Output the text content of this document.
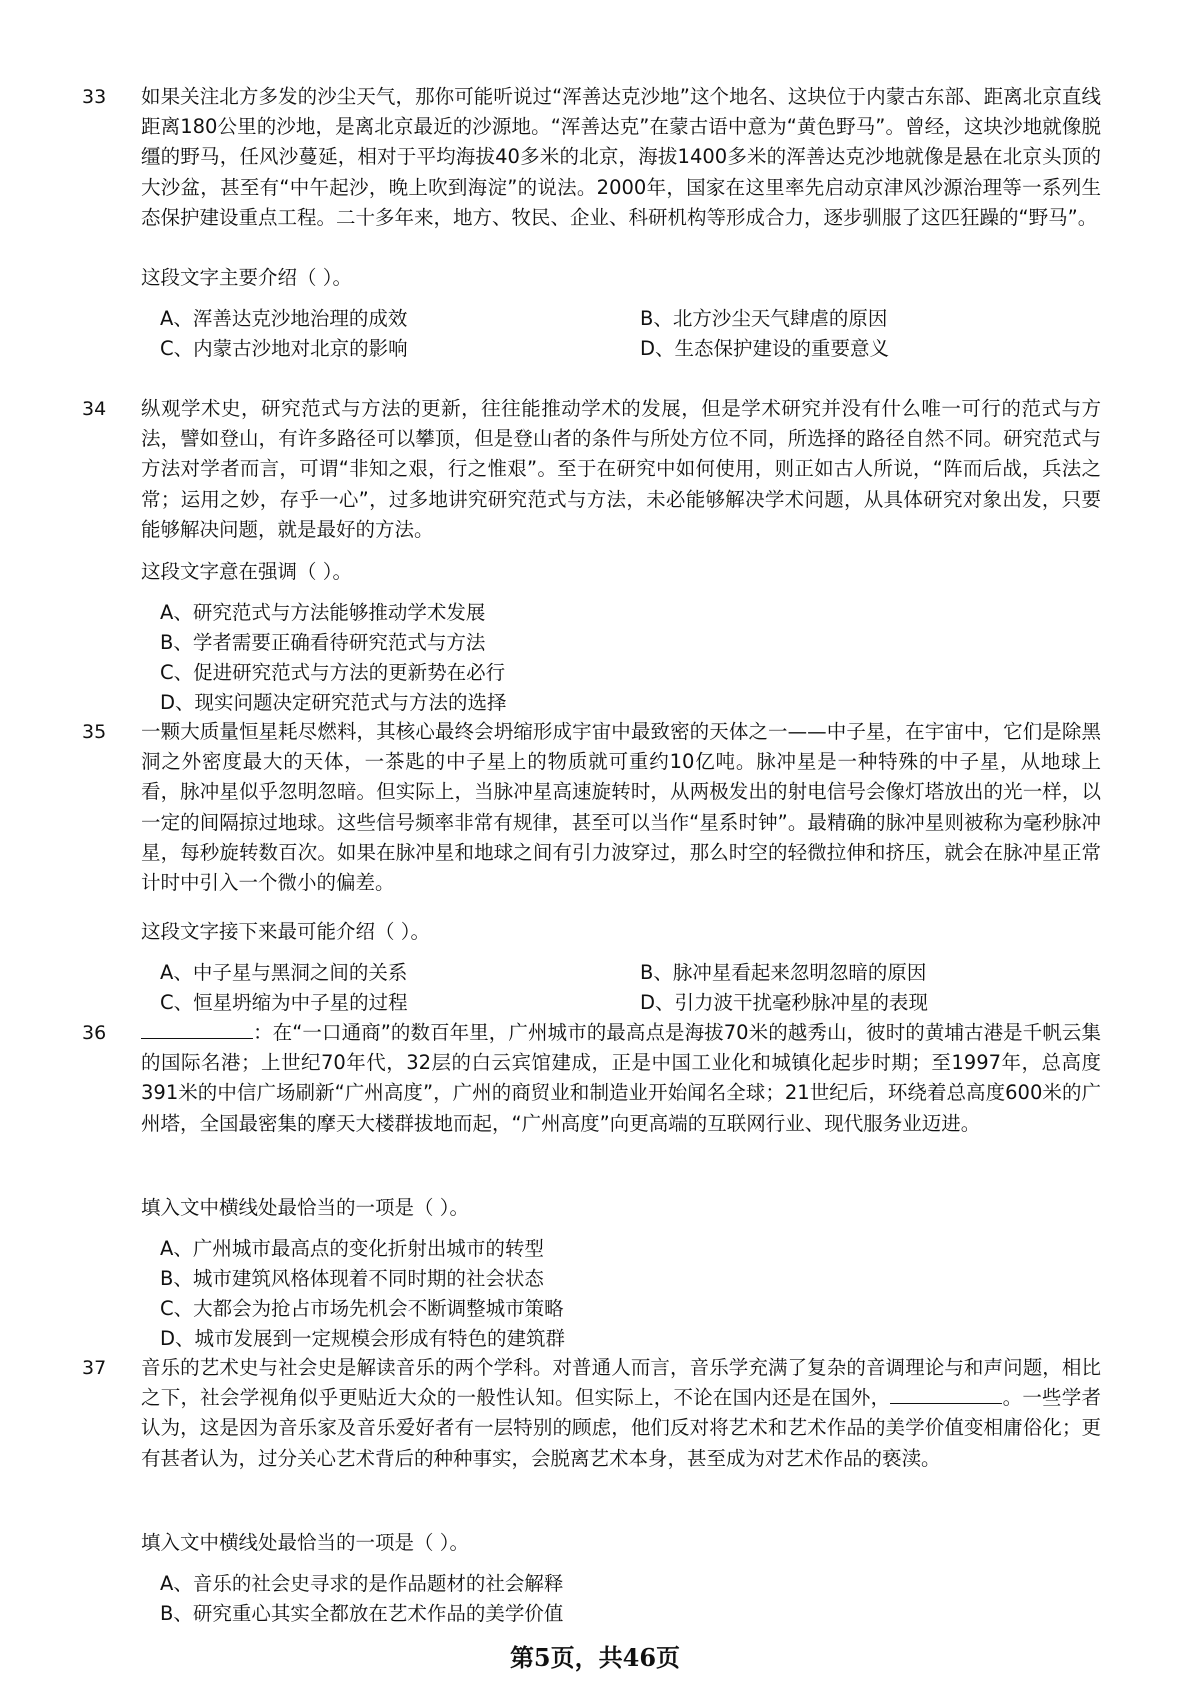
33 如果关注北方多发的沙尘天气，那你可能听说过“浑善达克沙地”这个地名、这块位于内蒙古东部、距离北京直线距离180公里的沙地，是离北京最近的沙源地。“浑善达克”在蒙古语中意为“黄色野马”。曾经，这块沙地就像脱缰的野马，任风沙蔓延，相对于平均海拔40多米的北京，海拔1400多米的浑善达克沙地就像是悬在北京头顶的大沙盆，甚至有“中午起沙，晚上吹到海淀”的说法。2000年，国家在这里率先启动京津风沙源治理等一系列生态保护建设重点工程。二十多年来，地方、牧民、企业、科研机构等形成合力，逐步驯服了这匹狂躁的“野马”。
这段文字主要介绍（ ）。
A、浑善达克沙地治理的成效	B、北方沙尘天气肆虐的原因
C、内蒙古沙地对北京的影响	D、生态保护建设的重要意义
34 纵观学术史，研究范式与方法的更新，往往能推动学术的发展，但是学术研究并没有什么唯一可行的范式与方法，譬如登山，有许多路径可以攀顶，但是登山者的条件与所处方位不同，所选择的路径自然不同。研究范式与方法对学者而言，可谓“非知之艰，行之惟艰”。至于在研究中如何使用，则正如古人所说，“阵而后战，兵法之常；运用之妙，存乎一心”，过多地讲究研究范式与方法，未必能够解决学术问题，从具体研究对象出发，只要能够解决问题，就是最好的方法。
这段文字意在强调（ ）。
A、研究范式与方法能够推动学术发展
B、学者需要正确看待研究范式与方法
C、促进研究范式与方法的更新势在必行
D、现实问题决定研究范式与方法的选择
35 一颗大质量恒星耗尽燃料，其核心最终会坍缩形成宇宙中最致密的天体之一——中子星，在宇宙中，它们是除黑洞之外密度最大的天体，一茶匙的中子星上的物质就可重约10亿吨。脉冲星是一种特殊的中子星，从地球上看，脉冲星似乎忽明忽暗。但实际上，当脉冲星高速旋转时，从两极发出的射电信号会像灯塔放出的光一样，以一定的间隔掠过地球。这些信号频率非常有规律，甚至可以当作“星系时钟”。最精确的脉冲星则被称为毫秒脉冲星，每秒旋转数百次。如果在脉冲星和地球之间有引力波穿过，那么时空的轻微拉伸和挤压，就会在脉冲星正常计时中引入一个微小的偏差。
这段文字接下来最可能介绍（ ）。
A、中子星与黑洞之间的关系	B、脉冲星看起来忽明忽暗的原因
C、恒星坍缩为中子星的过程	D、引力波干扰毫秒脉冲星的表现
36	：在“一口通商”的数百年里，广州城市的最高点是海拔70米的越秀山，彼时的黄埔古港是千帆云集的国际名港；上世纪70年代，32层的白云宾馆建成，正是中国工业化和城镇化起步时期；至1997年，总高度391米的中信广场刷新“广州高度”，广州的商贸业和制造业开始闻名全球；21世纪后，环绕着总高度600米的广州塔，全国最密集的摩天大楼群拔地而起，“广州高度”向更高端的互联网行业、现代服务业迈进。
填入文中横线处最恰当的一项是（ ）。
A、广州城市最高点的变化折射出城市的转型
B、城市建筑风格体现着不同时期的社会状态
C、大都会为抢占市场先机会不断调整城市策略
D、城市发展到一定规模会形成有特色的建筑群
37 音乐的艺术史与社会史是解读音乐的两个学科。对普通人而言，音乐学充满了复杂的音调理论与和声问题，相比之下，社会学视角似乎更贴近大众的一般性认知。但实际上，不论在国内还是在国外，	。一些学者认为，这是因为音乐家及音乐爱好者有一层特别的顾虑，他们反对将艺术和艺术作品的美学价值变相庸俗化；更有甚者认为，过分关心艺术背后的种种事实，会脱离艺术本身，甚至成为对艺术作品的亵渎。
填入文中横线处最恰当的一项是（ ）。
A、音乐的社会史寻求的是作品题材的社会解释
B、研究重心其实全都放在艺术作品的美学价值
第5页，共46页
